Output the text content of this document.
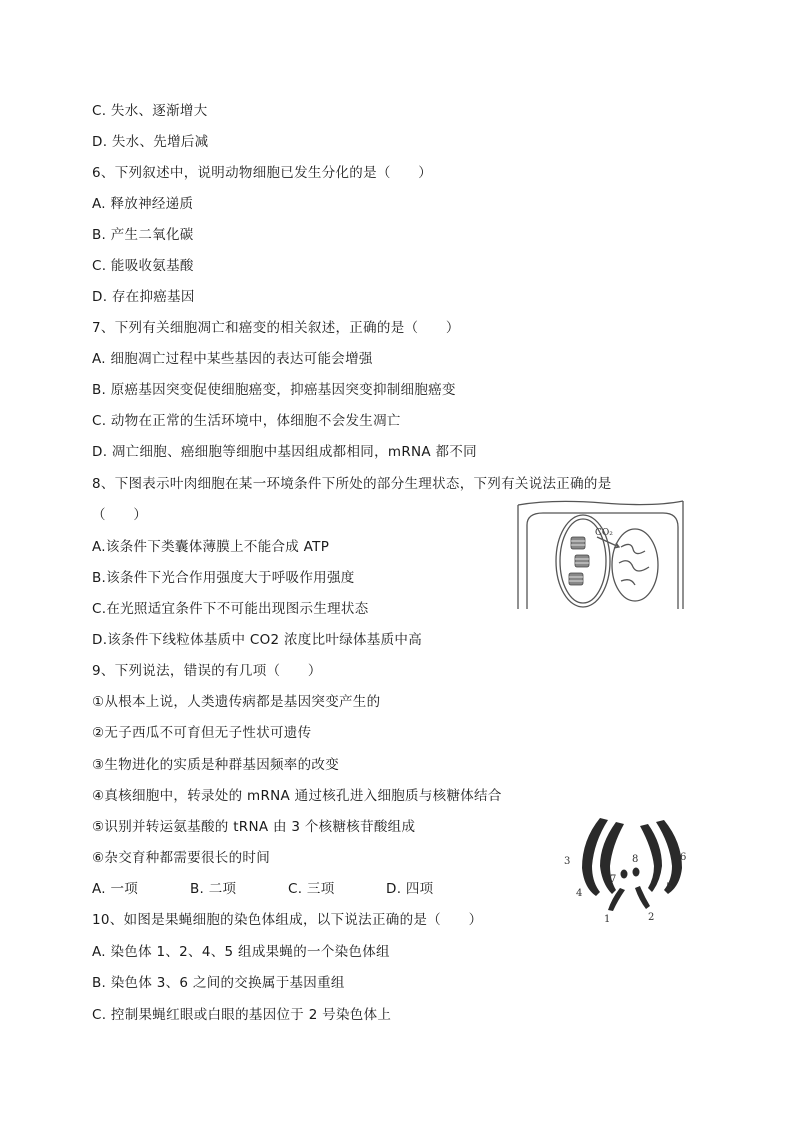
C. 失水、逐渐增大
D. 失水、先增后减
6、下列叙述中，说明动物细胞已发生分化的是（　　）
A. 释放神经递质
B. 产生二氧化碳
C. 能吸收氨基酸
D. 存在抑癌基因
7、下列有关细胞凋亡和癌变的相关叙述，正确的是（　　）
A. 细胞凋亡过程中某些基因的表达可能会增强
B. 原癌基因突变促使细胞癌变，抑癌基因突变抑制细胞癌变
C. 动物在正常的生活环境中，体细胞不会发生凋亡
D. 凋亡细胞、癌细胞等细胞中基因组成都相同，mRNA 都不同
8、下图表示叶肉细胞在某一环境条件下所处的部分生理状态，下列有关说法正确的是
（　　）
A.该条件下类囊体薄膜上不能合成 ATP
B.该条件下光合作用强度大于呼吸作用强度
C.在光照适宜条件下不可能出现图示生理状态
D.该条件下线粒体基质中 CO2 浓度比叶绿体基质中高
9、下列说法，错误的有几项（　　）
①从根本上说，人类遗传病都是基因突变产生的
②无子西瓜不可育但无子性状可遗传
③生物进化的实质是种群基因频率的改变
④真核细胞中，转录处的 mRNA 通过核孔进入细胞质与核糖体结合
⑤识别并转运氨基酸的 tRNA 由 3 个核糖核苷酸组成
⑥杂交育种都需要很长的时间
A. 一项	B. 二项	C. 三项	D. 四项
10、如图是果蝇细胞的染色体组成，以下说法正确的是（　　）
A. 染色体 1、2、4、5 组成果蝇的一个染色体组
B. 染色体 3、6 之间的交换属于基因重组
C. 控制果蝇红眼或白眼的基因位于 2 号染色体上
CO₂
1	2
3
4
5
6
7
8
